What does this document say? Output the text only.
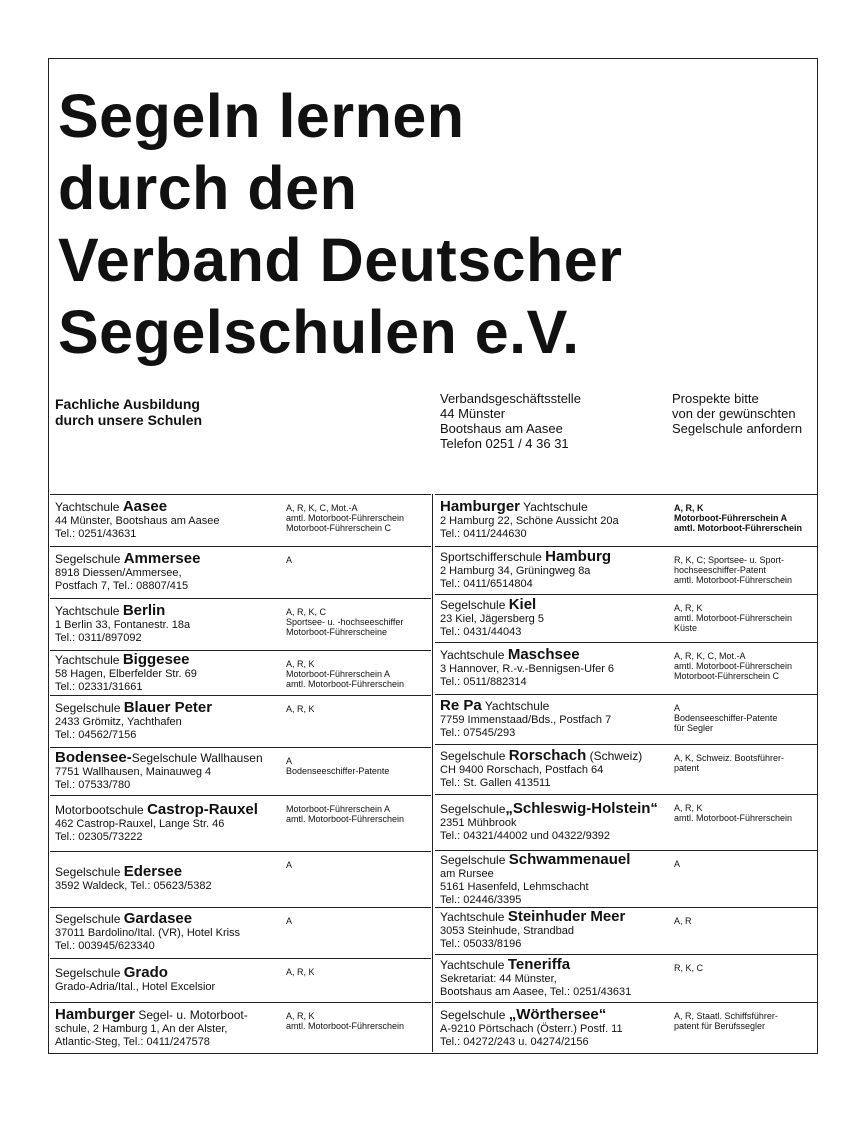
Segeln lernen
durch den
Verband Deutscher
Segelschulen e.V.
Fachliche Ausbildung
durch unsere Schulen
Verbandsgeschäftsstelle
44 Münster
Bootshaus am Aasee
Telefon 0251 / 4 36 31
Prospekte bitte
von der gewünschten
Segelschule anfordern
Yachtschule Aasee
44 Münster, Bootshaus am Aasee
Tel.: 0251/43631
A, R, K, C, Mot.-A
amtl. Motorboot-Führerschein
Motorboot-Führerschein C
Segelschule Ammersee
8918 Diessen/Ammersee,
Postfach 7, Tel.: 08807/415
A
Yachtschule Berlin
1 Berlin 33, Fontanestr. 18a
Tel.: 0311/897092
A, R, K, C
Sportsee- u. -hochseeschiffer
Motorboot-Führerscheine
Yachtschule Biggesee
58 Hagen, Elberfelder Str. 69
Tel.: 02331/31661
A, R, K
Motorboot-Führerschein A
amtl. Motorboot-Führerschein
Segelschule Blauer Peter
2433 Grömitz, Yachthafen
Tel.: 04562/7156
A, R, K
Bodensee-Segelschule Wallhausen
7751 Wallhausen, Mainauweg 4
Tel.: 07533/780
A
Bodenseeschiffer-Patente
Motorbootschule Castrop-Rauxel
462 Castrop-Rauxel, Lange Str. 46
Tel.: 02305/73222
Motorboot-Führerschein A
amtl. Motorboot-Führerschein
Segelschule Edersee
3592 Waldeck, Tel.: 05623/5382
A
Segelschule Gardasee
37011 Bardolino/Ital. (VR), Hotel Kriss
Tel.: 003945/623340
A
Segelschule Grado
Grado-Adria/Ital., Hotel Excelsior
A, R, K
Hamburger Segel- u. Motorboot-
schule, 2 Hamburg 1, An der Alster,
Atlantic-Steg, Tel.: 0411/247578
A, R, K
amtl. Motorboot-Führerschein
Hamburger Yachtschule
2 Hamburg 22, Schöne Aussicht 20a
Tel.: 0411/244630
A, R, K
Motorboot-Führerschein A
amtl. Motorboot-Führerschein
Sportschifferschule Hamburg
2 Hamburg 34, Grüningweg 8a
Tel.: 0411/6514804
R, K, C; Sportsee- u. Sport-
hochseeschiffer-Patent
amtl. Motorboot-Führerschein
Segelschule Kiel
23 Kiel, Jägersberg 5
Tel.: 0431/44043
A, R, K
amtl. Motorboot-Führerschein
Küste
Yachtschule Maschsee
3 Hannover, R.-v.-Bennigsen-Ufer 6
Tel.: 0511/882314
A, R, K, C, Mot.-A
amtl. Motorboot-Führerschein
Motorboot-Führerschein C
Re Pa Yachtschule
7759 Immenstaad/Bds., Postfach 7
Tel.: 07545/293
A
Bodenseeschiffer-Patente
für Segler
Segelschule Rorschach (Schweiz)
CH 9400 Rorschach, Postfach 64
Tel.: St. Gallen 413511
A, K, Schweiz. Bootsführer-
patent
Segelschule„Schleswig-Holstein“
2351 Mühbrook
Tel.: 04321/44002 und 04322/9392
A, R, K
amtl. Motorboot-Führerschein
Segelschule Schwammenauel
am Rursee
5161 Hasenfeld, Lehmschacht
Tel.: 02446/3395
A
Yachtschule Steinhuder Meer
3053 Steinhude, Strandbad
Tel.: 05033/8196
A, R
Yachtschule Teneriffa
Sekretariat: 44 Münster,
Bootshaus am Aasee, Tel.: 0251/43631
R, K, C
Segelschule „Wörthersee“
A-9210 Pörtschach (Österr.) Postf. 11
Tel.: 04272/243 u. 04274/2156
A, R, Staatl. Schiffsführer-
patent für Berufssegler
